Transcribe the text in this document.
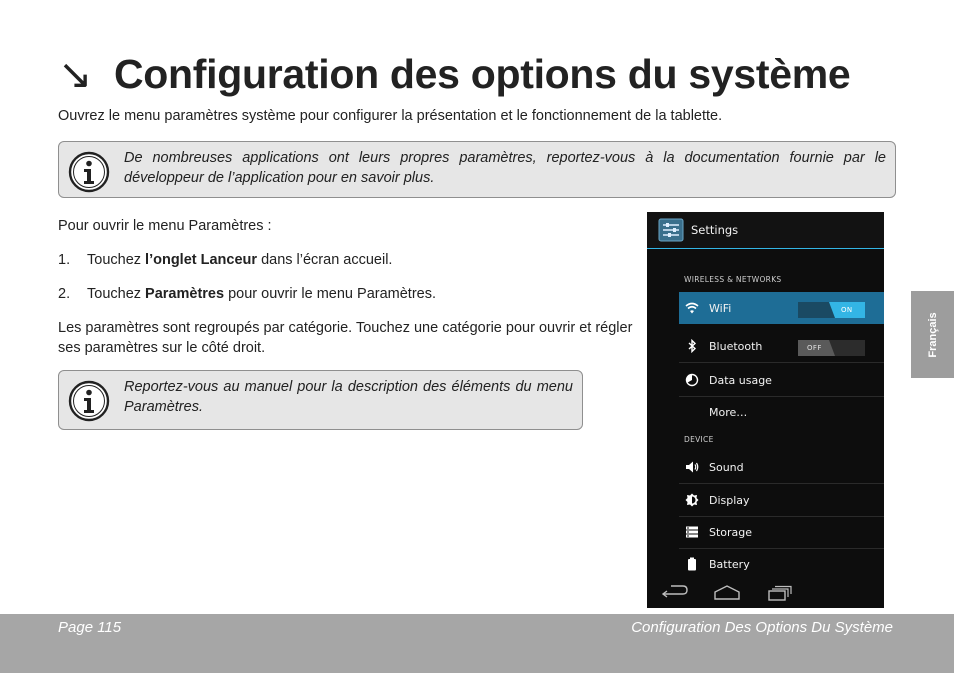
↘ Configuration des options du système
Ouvrez le menu paramètres système pour configurer la présentation et le fonctionnement de la tablette.
De nombreuses applications ont leurs propres paramètres, reportez-vous à la documentation fournie par le développeur de l’application pour en savoir plus.
Pour ouvrir le menu Paramètres :
1. Touchez l’onglet Lanceur dans l’écran accueil.
2. Touchez Paramètres pour ouvrir le menu Paramètres.
Les paramètres sont regroupés par catégorie. Touchez une catégorie pour ouvrir et régler ses paramètres sur le côté droit.
Reportez-vous au manuel pour la description des éléments du menu Paramètres.
Settings
WIRELESS & NETWORKS
WiFi	ON
Bluetooth	OFF
Data usage
More…
DEVICE
Sound
Display
Storage
Battery
Français
Page 115	Configuration Des Options Du Système
